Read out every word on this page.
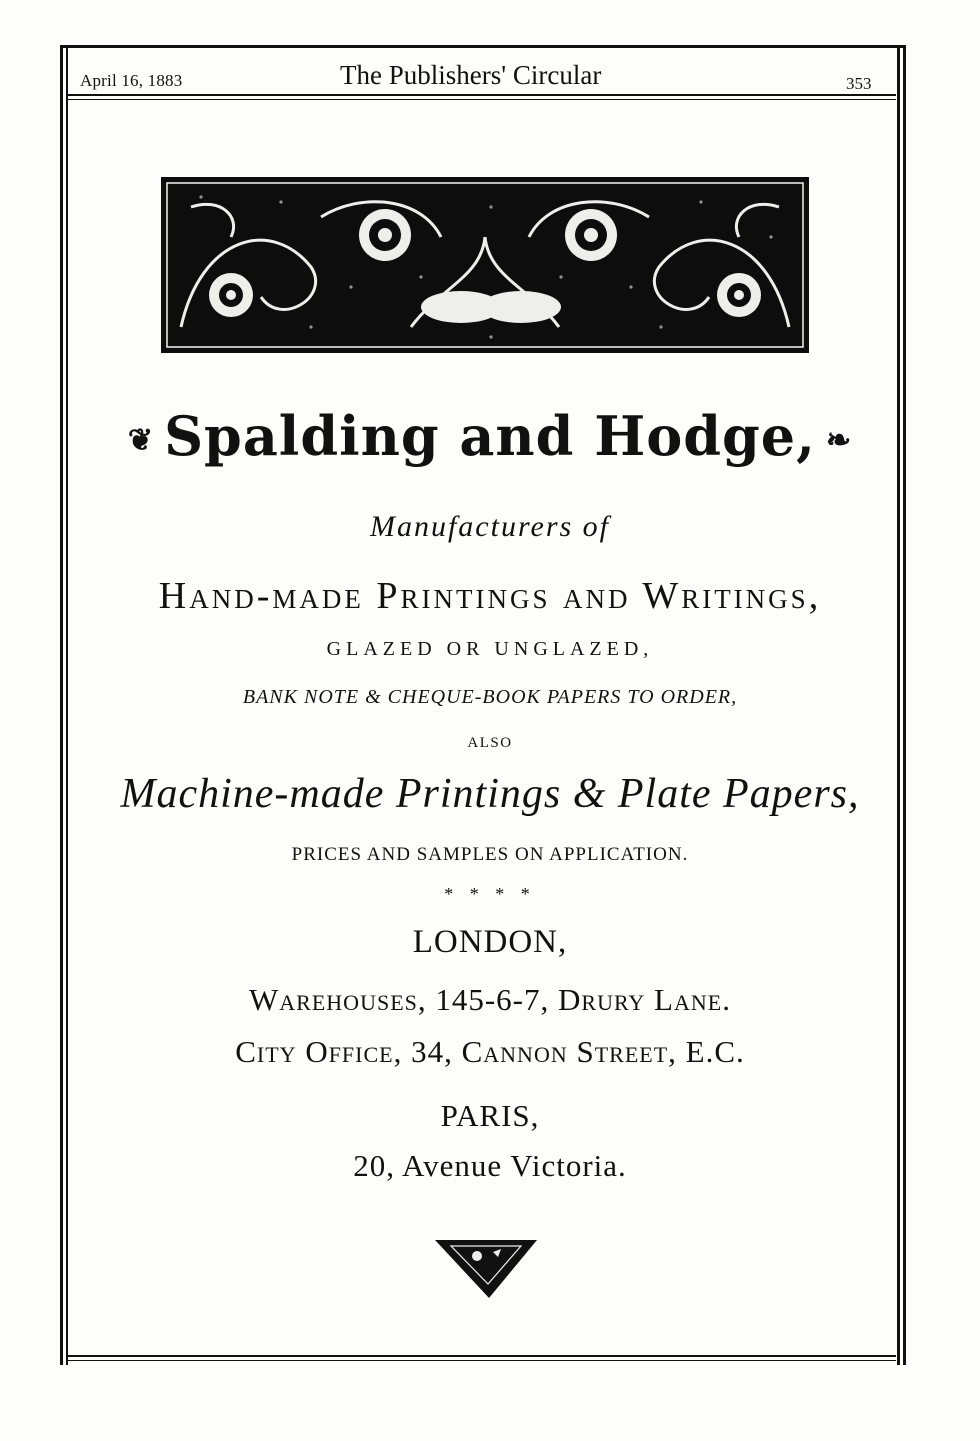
April 16, 1883	The Publishers' Circular	353
❦ Spalding and Hodge, ❧
Manufacturers of
Hand-made Printings and Writings,
GLAZED OR UNGLAZED,
BANK NOTE & CHEQUE-BOOK PAPERS TO ORDER,
ALSO
Machine-made Printings & Plate Papers,
PRICES AND SAMPLES ON APPLICATION.
* * * *
LONDON,
Warehouses, 145-6-7, Drury Lane.
City Office, 34, Cannon Street, E.C.
PARIS,
20, Avenue Victoria.
